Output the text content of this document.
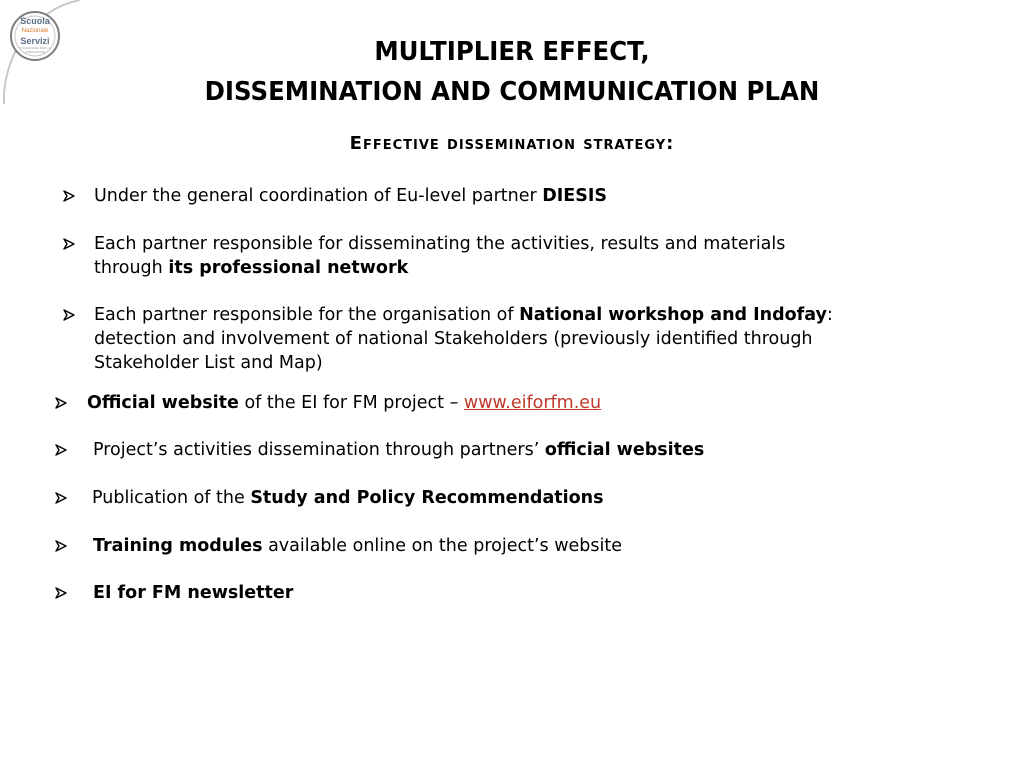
Scuola
Nazionale
Servizi
FONDAZIONE PER LA FORMAZIONE	MULTIPLIER EFFECT,
DISSEMINATION AND COMMUNICATION PLAN
Effective dissemination strategy:
Under the general coordination of Eu-level partner DIESIS
Each partner responsible for disseminating the activities, results and materials
through its professional network
Each partner responsible for the organisation of National workshop and Indofay:
detection and involvement of national Stakeholders (previously identified through
Stakeholder List and Map)
Official website of the EI for FM project – www.eiforfm.eu
Project’s activities dissemination through partners’ official websites
Publication of the Study and Policy Recommendations
Training modules available online on the project’s website
EI for FM newsletter
